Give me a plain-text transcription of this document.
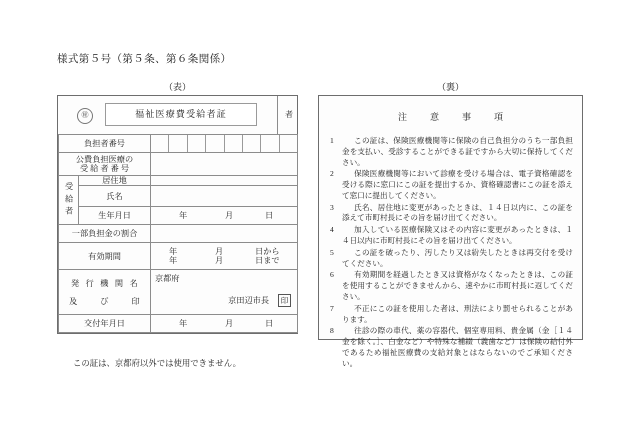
様式第５号（第５条、第６条関係）
（表）	（裏）
㊙	福祉医療費受給者証	者
負担者番号		

公費負担医療の
受 給 者 番 号		

受給者	居住地	
	氏名	
	生年月日	年 月 日

一部負担金の割合		
有効期間	
年	月	日から
年	月	日まで

発 行 機 関 名
及　　び　　印

京都府
京田辺市長	印

交付年月日		年 月 日
この証は、京都府以外では使用できません。
注　意　事　項
1	この証は、保険医療機関等に保険の自己負担分のうち一部負担金を支払い、受診することができる証ですから大切に保持してください。
2	保険医療機関等において診療を受ける場合は、電子資格確認を受ける際に窓口にこの証を提出するか、資格確認書にこの証を添えて窓口に提出してください。
3	氏名、居住地に変更があったときは、１４日以内に、この証を添えて市町村長にその旨を届け出てください。
4	加入している医療保険又はその内容に変更があったときは、１４日以内に市町村長にその旨を届け出てください。
5	この証を破ったり、汚したり又は紛失したときは再交付を受けてください。
6	有効期間を経過したとき又は資格がなくなったときは、この証を使用することができませんから、速やかに市町村長に返してください。
7	不正にこの証を使用した者は、刑法により罰せられることがあります。
8	往診の際の車代、薬の容器代、個室専用料、貴金属（金［１４金を除く。］、白金など）や特殊な補綴（義歯など）は保険の給付外であるため福祉医療費の支給対象とはならないのでご承知ください。
